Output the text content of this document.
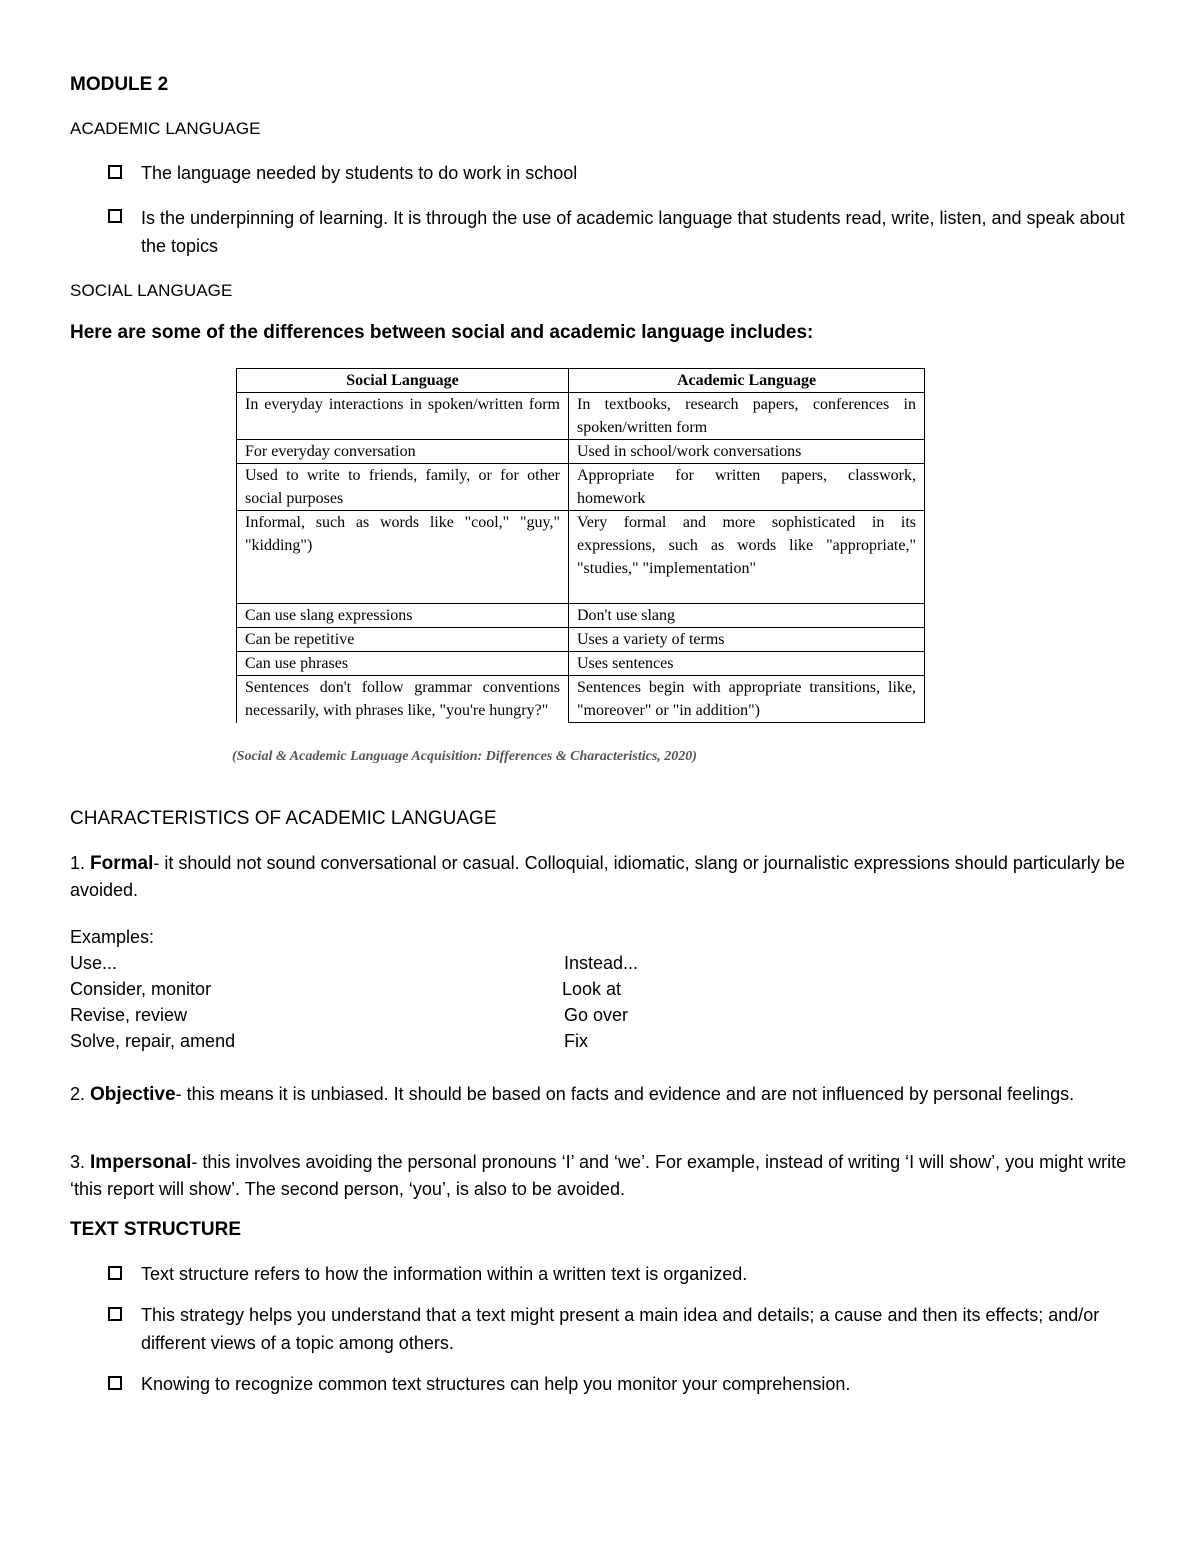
MODULE 2
ACADEMIC LANGUAGE
The language needed by students to do work in school
Is the underpinning of learning. It is through the use of academic language that students read, write, listen, and speak about the topics
SOCIAL LANGUAGE
Here are some of the differences between social and academic language includes:
Social Language	Academic Language
In everyday interactions in spoken/written form	In textbooks, research papers, conferences in spoken/written form
For everyday conversation	Used in school/work conversations
Used to write to friends, family, or for other social purposes	Appropriate for written papers, classwork, homework
Informal, such as words like "cool," "guy," "kidding")	Very formal and more sophisticated in its expressions, such as words like "appropriate," "studies," "implementation"
Can use slang expressions	Don't use slang
Can be repetitive	Uses a variety of terms
Can use phrases	Uses sentences
Sentences don't follow grammar conventions necessarily, with phrases like, "you're hungry?"	Sentences begin with appropriate transitions, like, "moreover" or "in addition")
(Social & Academic Language Acquisition: Differences & Characteristics, 2020)
CHARACTERISTICS OF ACADEMIC LANGUAGE
1. Formal- it should not sound conversational or casual. Colloquial, idiomatic, slang or journalistic expressions should particularly be avoided.
Examples:
Use...	Instead...
Consider, monitor	Look at
Revise, review	Go over
Solve, repair, amend	Fix
2. Objective- this means it is unbiased. It should be based on facts and evidence and are not influenced by personal feelings.
3. Impersonal- this involves avoiding the personal pronouns ‘I’ and ‘we’. For example, instead of writing ‘I will show’, you might write ‘this report will show’. The second person, ‘you’, is also to be avoided.
TEXT STRUCTURE
Text structure refers to how the information within a written text is organized.
This strategy helps you understand that a text might present a main idea and details; a cause and then its effects; and/or different views of a topic among others.
Knowing to recognize common text structures can help you monitor your comprehension.
